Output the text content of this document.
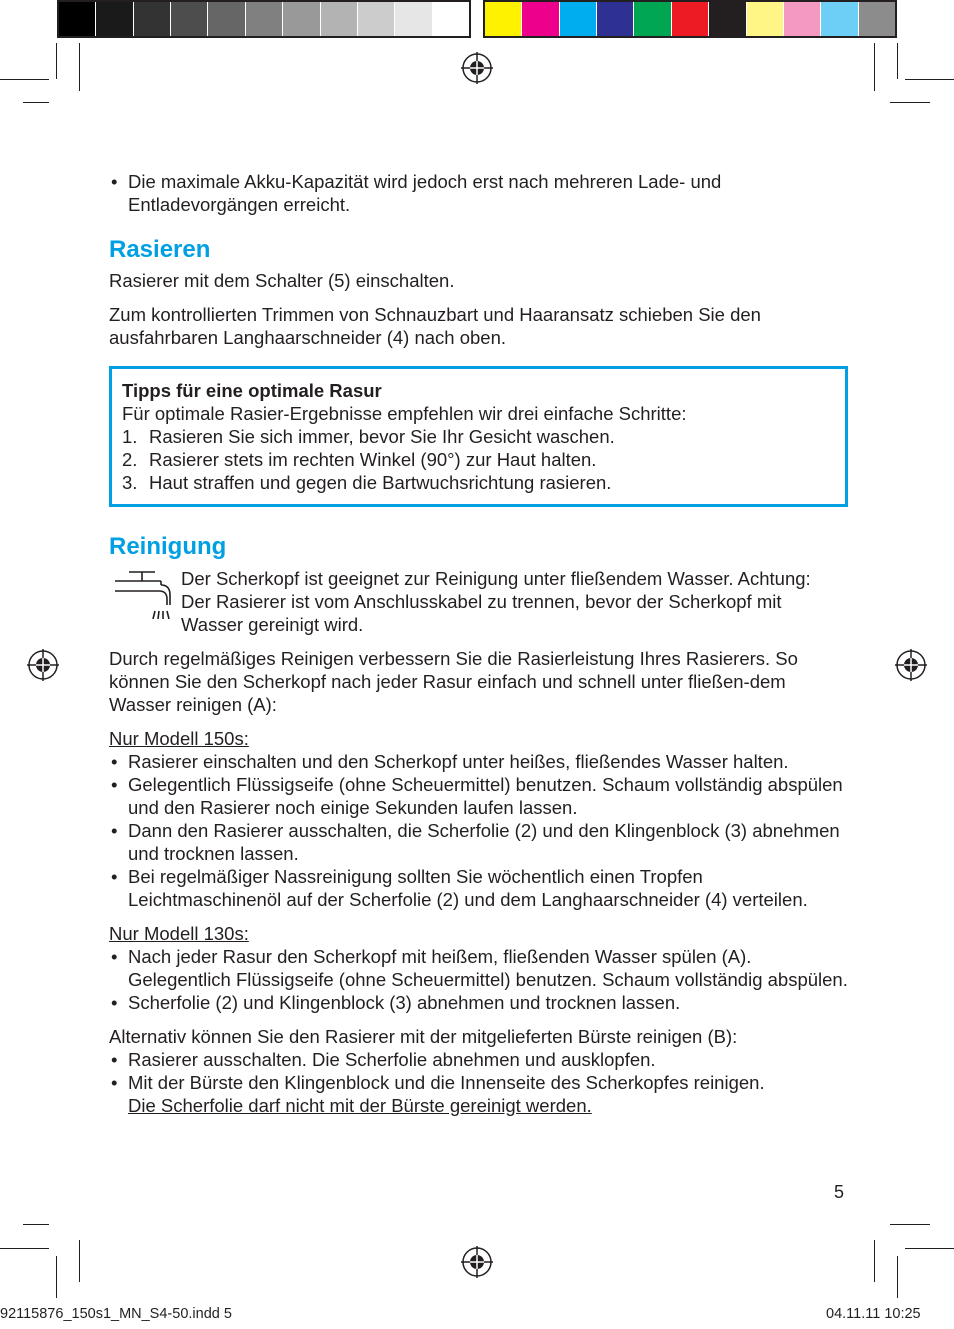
• Die maximale Akku-Kapazität wird jedoch erst nach mehreren Lade- und Entladevorgängen erreicht.
Rasieren

Rasierer mit dem Schalter (5) einschalten.

Zum kontrollierten Trimmen von Schnauzbart und Haaransatz schieben Sie den ausfahrbaren Langhaarschneider (4) nach oben.

Tipps für eine optimale Rasur
Für optimale Rasier-Ergebnisse empfehlen wir drei einfache Schritte:
1. Rasieren Sie sich immer, bevor Sie Ihr Gesicht waschen.
2. Rasierer stets im rechten Winkel (90°) zur Haut halten.
3. Haut straffen und gegen die Bartwuchsrichtung rasieren.
Reinigung

Der Scherkopf ist geeignet zur Reinigung unter fließendem Wasser. Achtung: Der Rasierer ist vom Anschlusskabel zu trennen, bevor der Scherkopf mit Wasser gereinigt wird.

Durch regelmäßiges Reinigen verbessern Sie die Rasierleistung Ihres Rasierers. So können Sie den Scherkopf nach jeder Rasur einfach und schnell unter fließen-dem Wasser reinigen (A):

Nur Modell 150s:

• Rasierer einschalten und den Scherkopf unter heißes, fließendes Wasser halten.
• Gelegentlich Flüssigseife (ohne Scheuermittel) benutzen. Schaum vollständig abspülen und den Rasierer noch einige Sekunden laufen lassen.
• Dann den Rasierer ausschalten, die Scherfolie (2) und den Klingenblock (3) abnehmen und trocknen lassen.
• Bei regelmäßiger Nassreinigung sollten Sie wöchentlich einen Tropfen Leichtmaschinenöl auf der Scherfolie (2) und dem Langhaarschneider (4) verteilen.

Nur Modell 130s:

• Nach jeder Rasur den Scherkopf mit heißem, fließenden Wasser spülen (A). Gelegentlich Flüssigseife (ohne Scheuermittel) benutzen. Schaum vollständig abspülen.
• Scherfolie (2) und Klingenblock (3) abnehmen und trocknen lassen.

Alternativ können Sie den Rasierer mit der mitgelieferten Bürste reinigen (B):

• Rasierer ausschalten. Die Scherfolie abnehmen und ausklopfen.
• Mit der Bürste den Klingenblock und die Innenseite des Scherkopfes reinigen.
Die Scherfolie darf nicht mit der Bürste gereinigt werden.
5
92115876_150s1_MN_S4-50.indd 5	04.11.11 10:25
